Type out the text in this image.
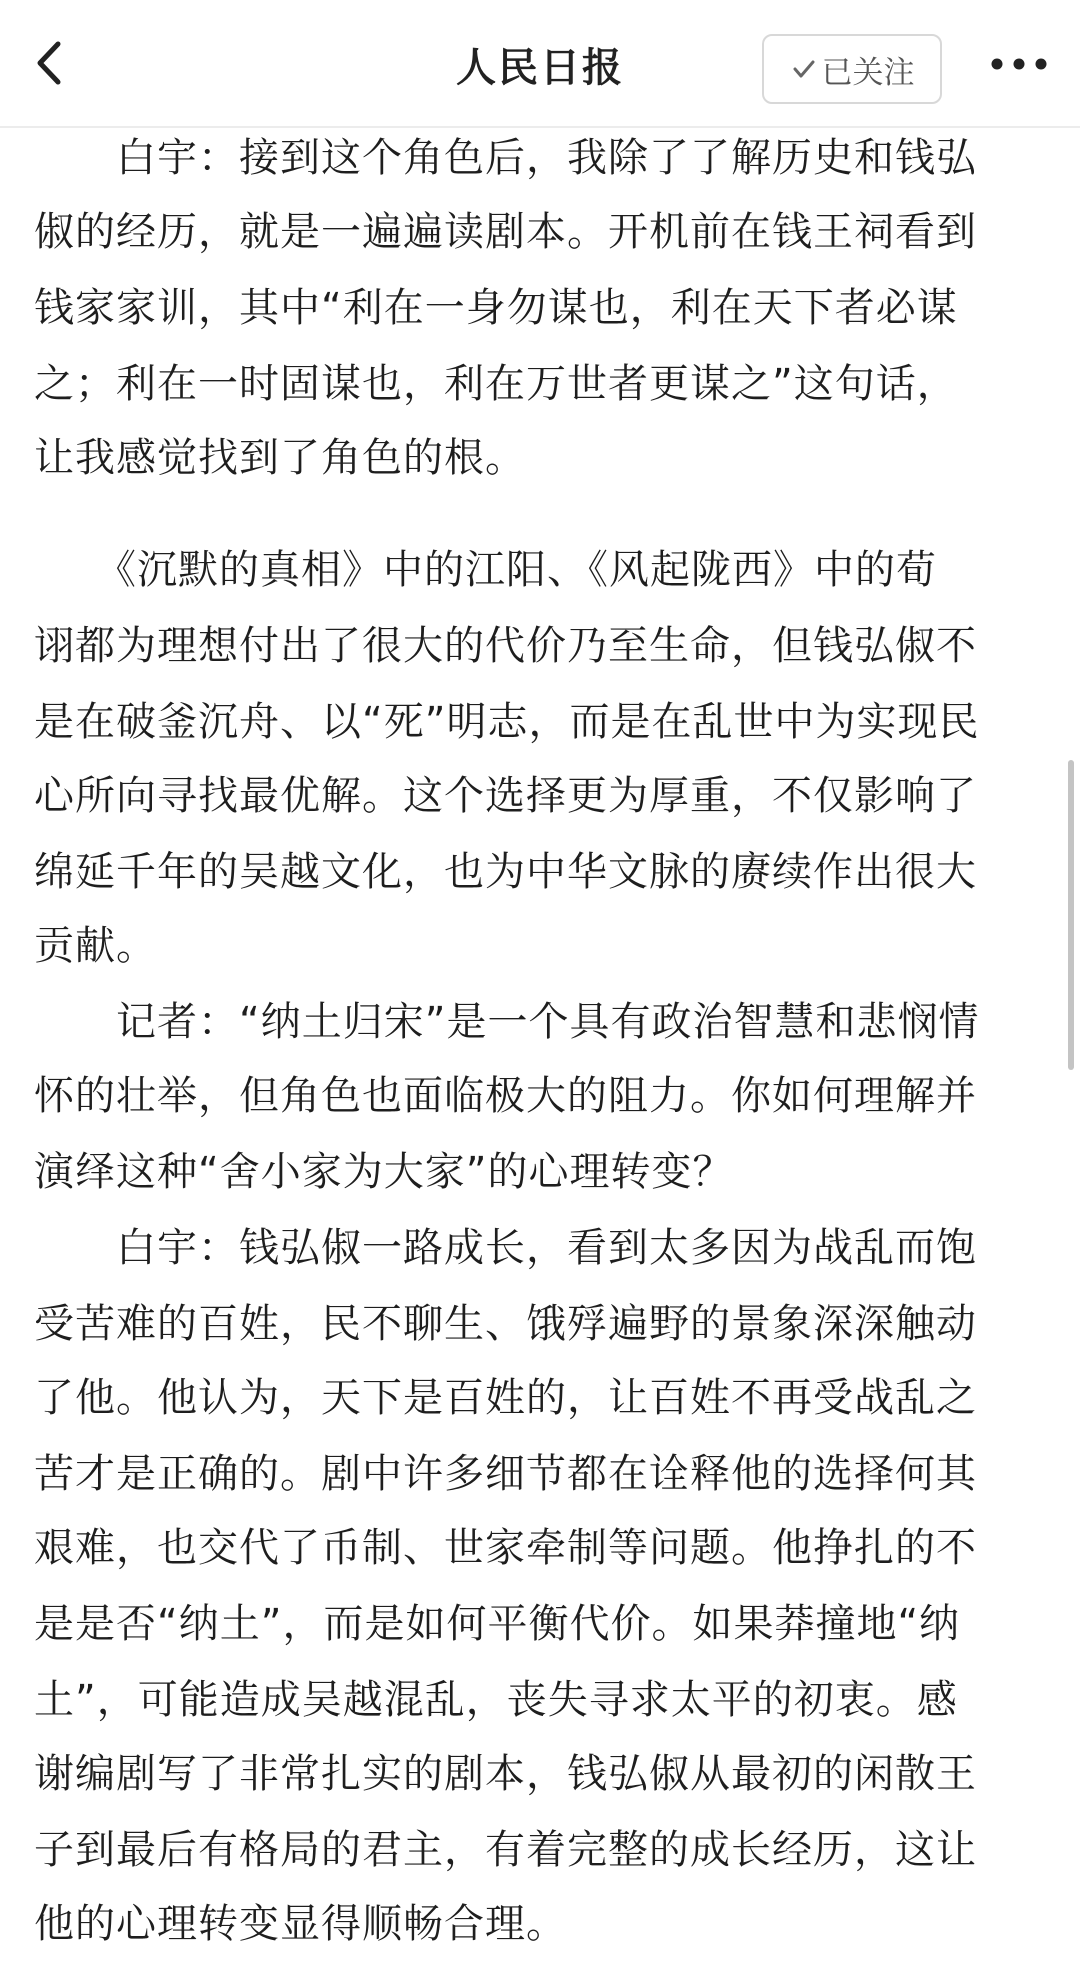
　　白宇：接到这个角色后，我除了了解历史和钱弘
俶的经历，就是一遍遍读剧本。开机前在钱王祠看到
钱家家训，其中“利在一身勿谋也，利在天下者必谋
之；利在一时固谋也，利在万世者更谋之”这句话，
让我感觉找到了角色的根。
　　《沉默的真相》中的江阳、《风起陇西》中的荀
诩都为理想付出了很大的代价乃至生命，但钱弘俶不
是在破釜沉舟、以“死”明志，而是在乱世中为实现民
心所向寻找最优解。这个选择更为厚重，不仅影响了
绵延千年的吴越文化，也为中华文脉的赓续作出很大
贡献。
　　记者：“纳土归宋”是一个具有政治智慧和悲悯情
怀的壮举，但角色也面临极大的阻力。你如何理解并
演绎这种“舍小家为大家”的心理转变？
　　白宇：钱弘俶一路成长，看到太多因为战乱而饱
受苦难的百姓，民不聊生、饿殍遍野的景象深深触动
了他。他认为，天下是百姓的，让百姓不再受战乱之
苦才是正确的。剧中许多细节都在诠释他的选择何其
艰难，也交代了币制、世家牵制等问题。他挣扎的不
是是否“纳土”，而是如何平衡代价。如果莽撞地“纳
土”，可能造成吴越混乱，丧失寻求太平的初衷。感
谢编剧写了非常扎实的剧本，钱弘俶从最初的闲散王
子到最后有格局的君主，有着完整的成长经历，这让
他的心理转变显得顺畅合理。
人民日报	已关注
